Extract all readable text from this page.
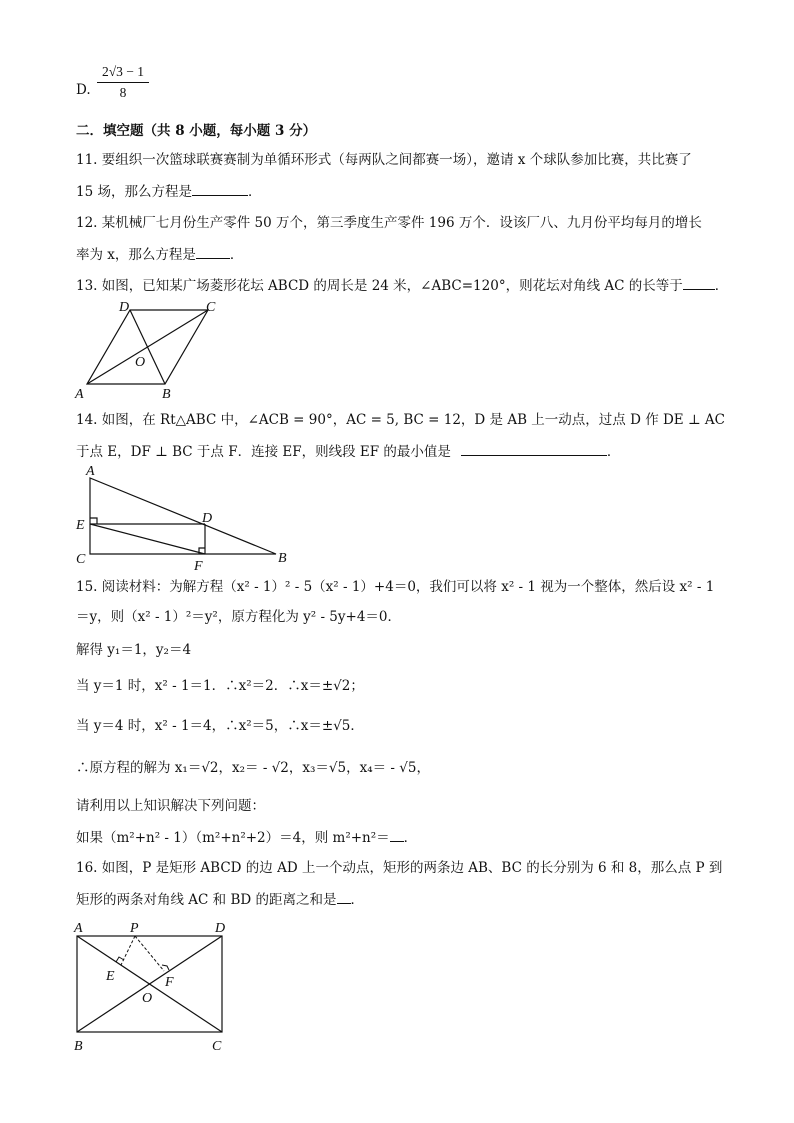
D. $\frac{2√3 - 1}{8}$
二．填空题（共 8 小题，每小题 3 分）
11. 要组织一次篮球联赛赛制为单循环形式（每两队之间都赛一场），邀请 x 个球队参加比赛，共比赛了
15 场，那么方程是	．
12. 某机械厂七月份生产零件 50 万个，第三季度生产零件 196 万个．设该厂八、九月份平均每月的增长
率为 x，那么方程是	．
13. 如图，已知某广场菱形花坛 ABCD 的周长是 24 米，∠ABC=120°，则花坛对角线 AC 的长等于 ．
A	B
C
D
O
14. 如图，在 Rt△ABC 中，∠ACB = 90°，AC = 5, BC = 12，D 是 AB 上一动点，过点 D 作 DE ⊥ AC
于点 E，DF ⊥ BC 于点 F．连接 EF，则线段 EF 的最小值是	．
A
B
C
D
E
F
15. 阅读材料：为解方程（x² - 1）² - 5（x² - 1）+4＝0，我们可以将 x² - 1 视为一个整体，然后设 x² - 1
＝y，则（x² - 1）²＝y²，原方程化为 y² - 5y+4＝0．
解得 y₁＝1，y₂＝4
当 y＝1 时，x² - 1＝1．∴x²＝2．∴x＝±√2；
当 y＝4 时，x² - 1＝4，∴x²＝5，∴x＝±√5．
∴原方程的解为 x₁＝√2，x₂＝ - √2，x₃＝√5，x₄＝ - √5，
请利用以上知识解决下列问题：
如果（m²+n² - 1）（m²+n²+2）＝4，则 m²+n²＝ ．
16. 如图，P 是矩形 ABCD 的边 AD 上一个动点，矩形的两条边 AB、BC 的长分别为 6 和 8，那么点 P 到
矩形的两条对角线 AC 和 BD 的距离之和是 ．
A
B	C
D
P
E	F
O
